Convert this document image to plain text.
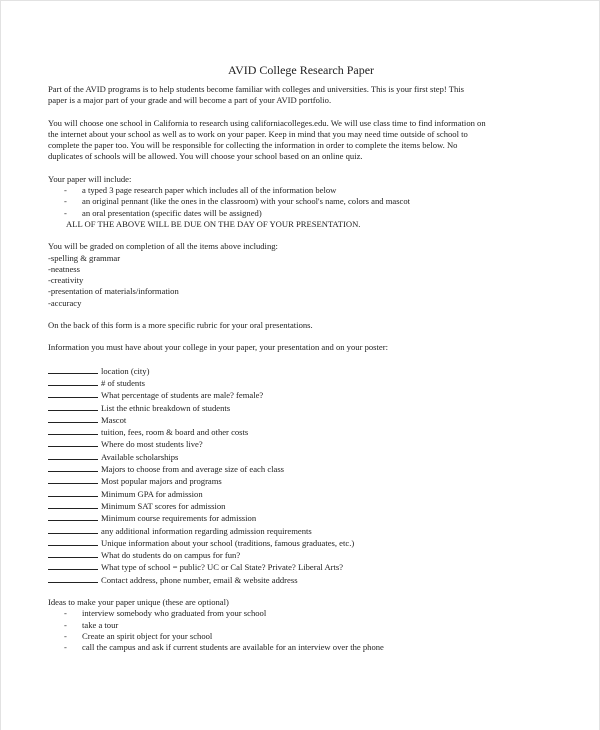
AVID College Research Paper

Part of the AVID programs is to help students become familiar with colleges and universities. This is your first step! This

paper is a major part of your grade and will become a part of your AVID portfolio.

You will choose one school in California to research using californiacolleges.edu. We will use class time to find information on

the internet about your school as well as to work on your paper. Keep in mind that you may need time outside of school to

complete the paper too. You will be responsible for collecting the information in order to complete the items below. No

duplicates of schools will be allowed. You will choose your school based on an online quiz.

Your paper will include:

-	a typed 3 page research paper which includes all of the information below
-	an original pennant (like the ones in the classroom) with your school's name, colors and mascot
-	an oral presentation (specific dates will be assigned)

ALL OF THE ABOVE WILL BE DUE ON THE DAY OF YOUR PRESENTATION.

You will be graded on completion of all the items above including:

-spelling & grammar

-neatness

-creativity

-presentation of materials/information

-accuracy

On the back of this form is a more specific rubric for your oral presentations.

Information you must have about your college in your paper, your presentation and on your poster:

location (city)
# of students
What percentage of students are male? female?
List the ethnic breakdown of students
Mascot
tuition, fees, room & board and other costs
Where do most students live?
Available scholarships
Majors to choose from and average size of each class
Most popular majors and programs
Minimum GPA for admission
Minimum SAT scores for admission
Minimum course requirements for admission
any additional information regarding admission requirements
Unique information about your school (traditions, famous graduates, etc.)
What do students do on campus for fun?
What type of school = public? UC or Cal State? Private? Liberal Arts?
Contact address, phone number, email & website address

Ideas to make your paper unique (these are optional)

-	interview somebody who graduated from your school
-	take a tour
-	Create an spirit object for your school
-	call the campus and ask if current students are available for an interview over the phone
